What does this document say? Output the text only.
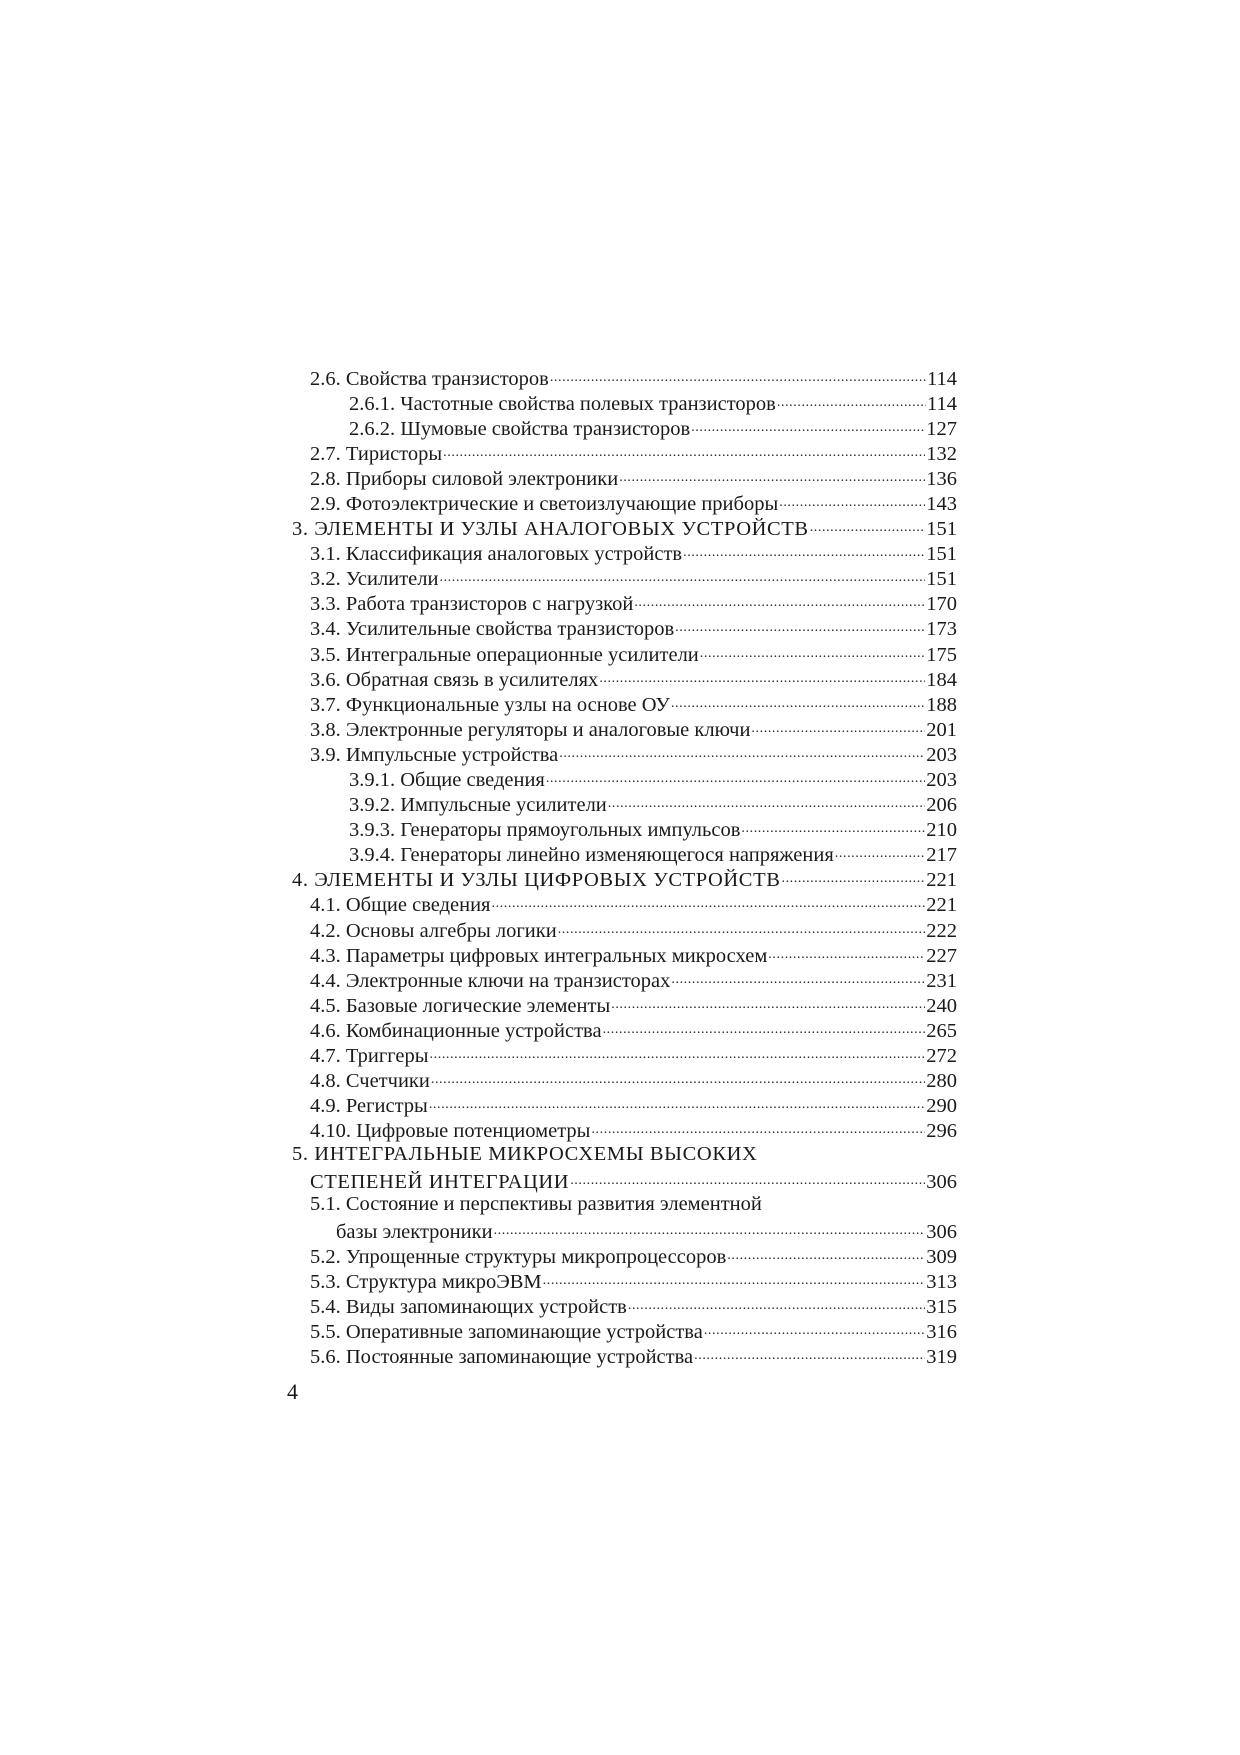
2.6. Свойства транзисторов .....	114
2.6.1. Частотные свойства полевых транзисторов .....	114
2.6.2. Шумовые свойства транзисторов .....	127
2.7. Тиристоры .....	132
2.8. Приборы силовой электроники .....	136
2.9. Фотоэлектрические и светоизлучающие приборы .....	143
3. ЭЛЕМЕНТЫ И УЗЛЫ АНАЛОГОВЫХ УСТРОЙСТВ .....	151
3.1. Классификация аналоговых устройств .....	151
3.2. Усилители .....	151
3.3. Работа транзисторов с нагрузкой .....	170
3.4. Усилительные свойства транзисторов .....	173
3.5. Интегральные операционные усилители .....	175
3.6. Обратная связь в усилителях .....	184
3.7. Функциональные узлы на основе ОУ .....	188
3.8. Электронные регуляторы и аналоговые ключи .....	201
3.9. Импульсные устройства .....	203
3.9.1. Общие сведения .....	203
3.9.2. Импульсные усилители .....	206
3.9.3. Генераторы прямоугольных импульсов .....	210
3.9.4. Генераторы линейно изменяющегося напряжения .....	217
4. ЭЛЕМЕНТЫ И УЗЛЫ ЦИФРОВЫХ УСТРОЙСТВ .....	221
4.1. Общие сведения .....	221
4.2. Основы алгебры логики .....	222
4.3. Параметры цифровых интегральных микросхем .....	227
4.4. Электронные ключи на транзисторах .....	231
4.5. Базовые логические элементы .....	240
4.6. Комбинационные устройства .....	265
4.7. Триггеры .....	272
4.8. Счетчики .....	280
4.9. Регистры .....	290
4.10. Цифровые потенциометры .....	296
5. ИНТЕГРАЛЬНЫЕ МИКРОСХЕМЫ ВЫСОКИХ
СТЕПЕНЕЙ ИНТЕГРАЦИИ .....	306
5.1. Состояние и перспективы развития элементной
базы электроники .....	306
5.2. Упрощенные структуры микропроцессоров .....	309
5.3. Структура микроЭВМ .....	313
5.4. Виды запоминающих устройств .....	315
5.5. Оперативные запоминающие устройства .....	316
5.6. Постоянные запоминающие устройства .....	319
4
